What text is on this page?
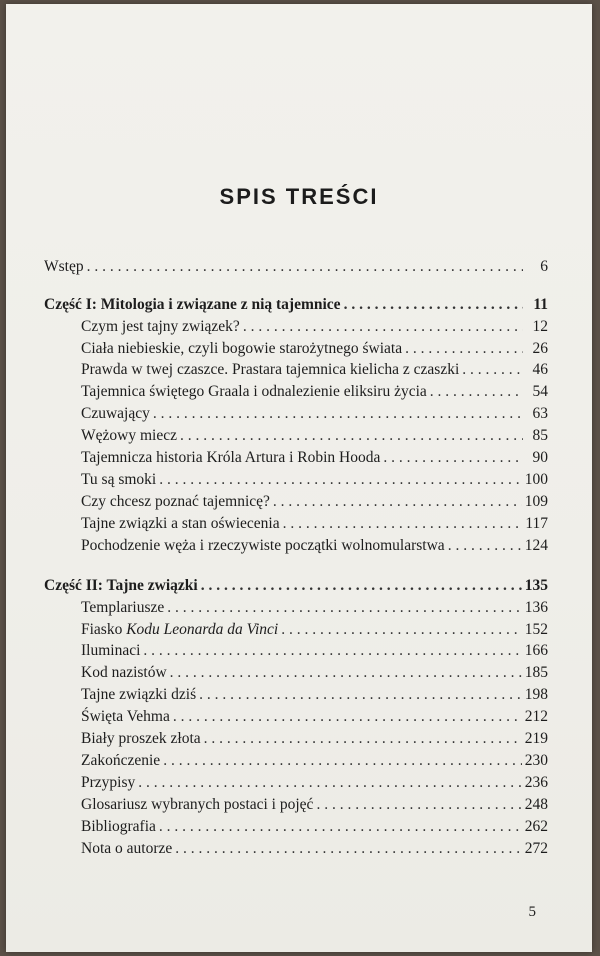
SPIS TREŚCI
Wstęp . . .	6
Część I: Mitologia i związane z nią tajemnice . . .	11
Czym jest tajny związek? . . .	12
Ciała niebieskie, czyli bogowie starożytnego świata . . .	26
Prawda w twej czaszce. Prastara tajemnica kielicha z czaszki . . .	46
Tajemnica świętego Graala i odnalezienie eliksiru życia . . .	54
Czuwający . . .	63
Wężowy miecz . . .	85
Tajemnicza historia Króla Artura i Robin Hooda . . .	90
Tu są smoki . . .	100
Czy chcesz poznać tajemnicę? . . .	109
Tajne związki a stan oświecenia . . .	117
Pochodzenie węża i rzeczywiste początki wolnomularstwa . . .	124
Część II: Tajne związki . . .	135
Templariusze . . .	136
Fiasko Kodu Leonarda da Vinci . . .	152
Iluminaci . . .	166
Kod nazistów . . .	185
Tajne związki dziś . . .	198
Święta Vehma . . .	212
Biały proszek złota . . .	219
Zakończenie . . .	230
Przypisy . . .	236
Glosariusz wybranych postaci i pojęć . . .	248
Bibliografia . . .	262
Nota o autorze . . .	272
5
